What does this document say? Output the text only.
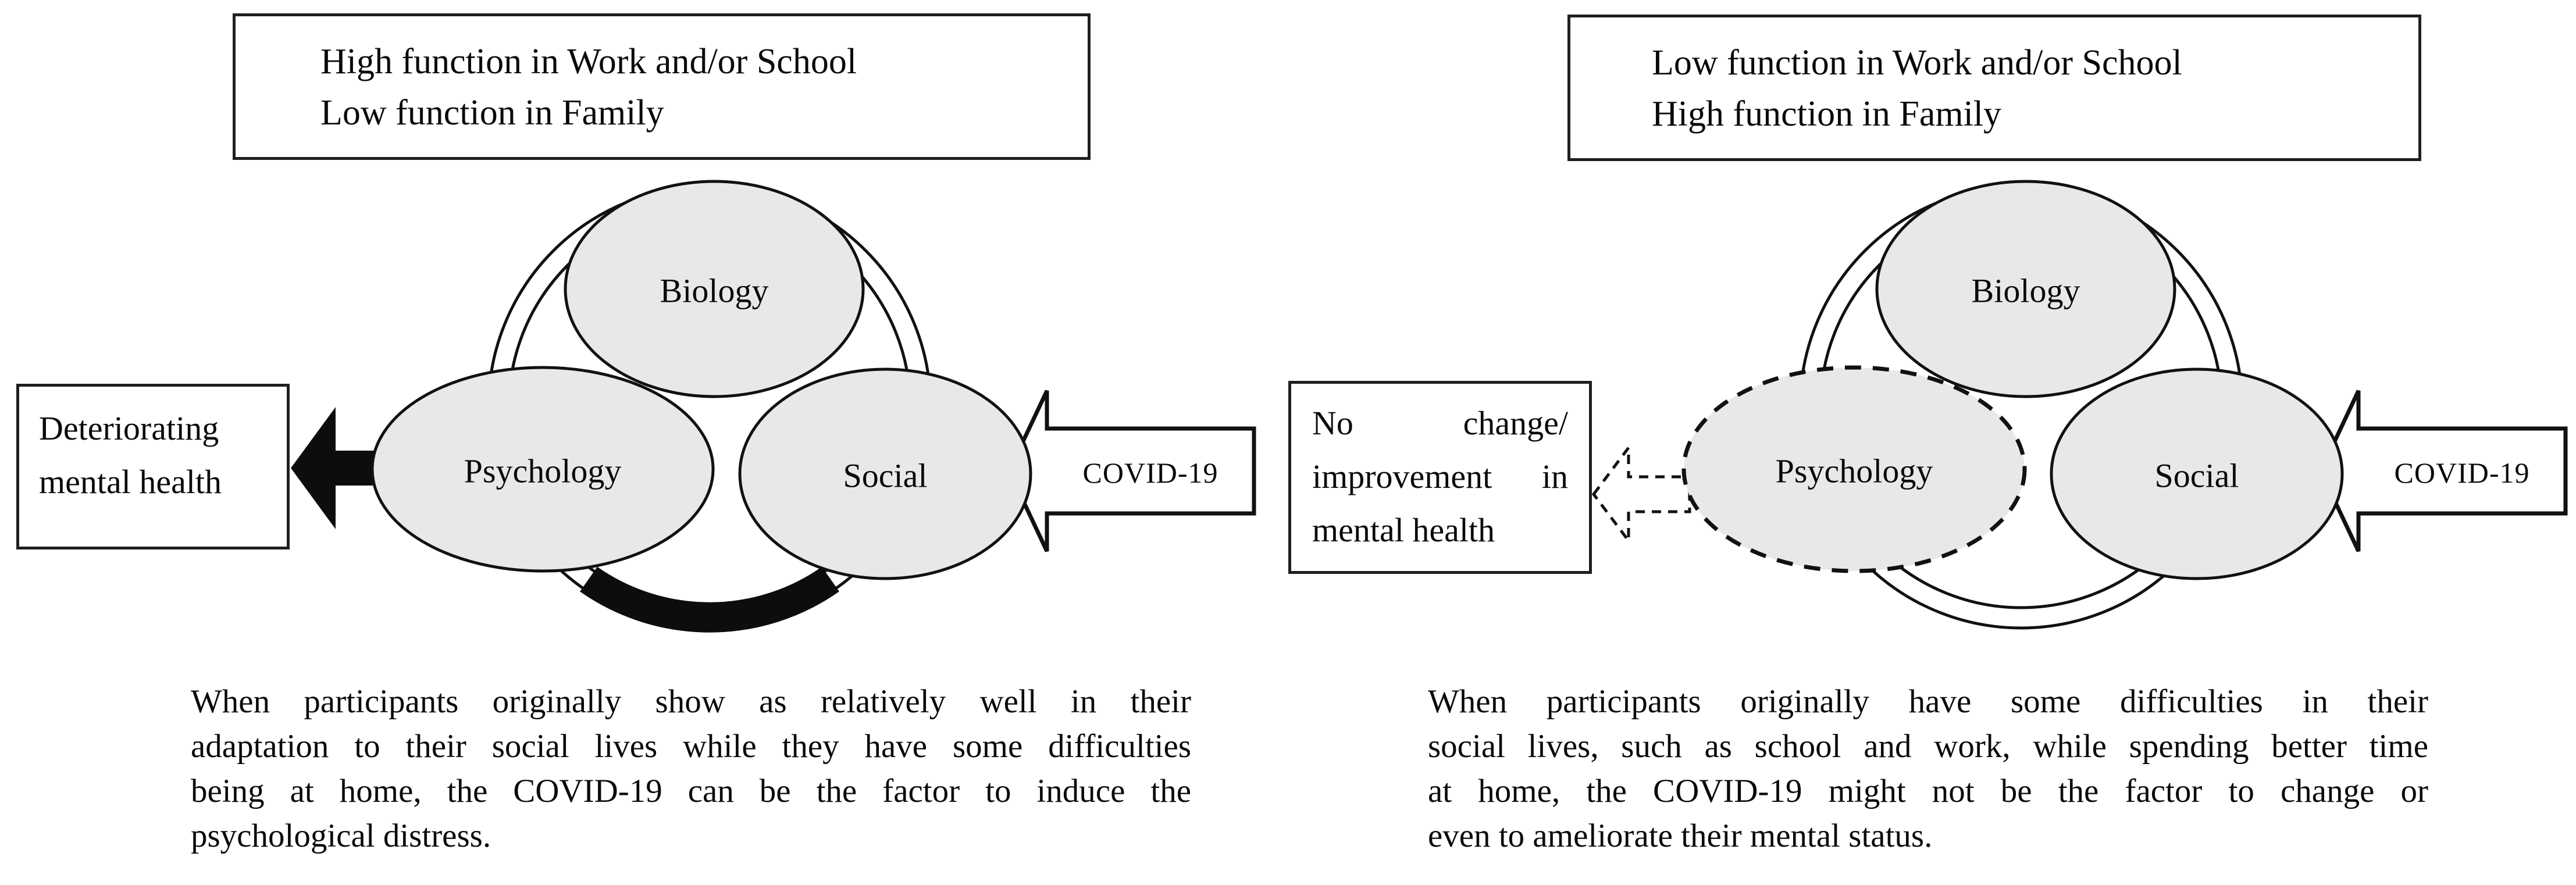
COVID-19
Biology
Psychology	Social	COVID-19
Biology
Psychology	Social
High function in Work and/or School
Low function in Family
Deteriorating
mental health
When participants originally show as relatively well in their
adaptation to their social lives while they have some difficulties
being at home, the COVID-19 can be the factor to induce the
psychological distress.
Low function in Work and/or School
High function in Family
No change/
improvement in
mental health
When participants originally have some difficulties in their
social lives, such as school and work, while spending better time
at home, the COVID-19 might not be the factor to change or
even to ameliorate their mental status.
